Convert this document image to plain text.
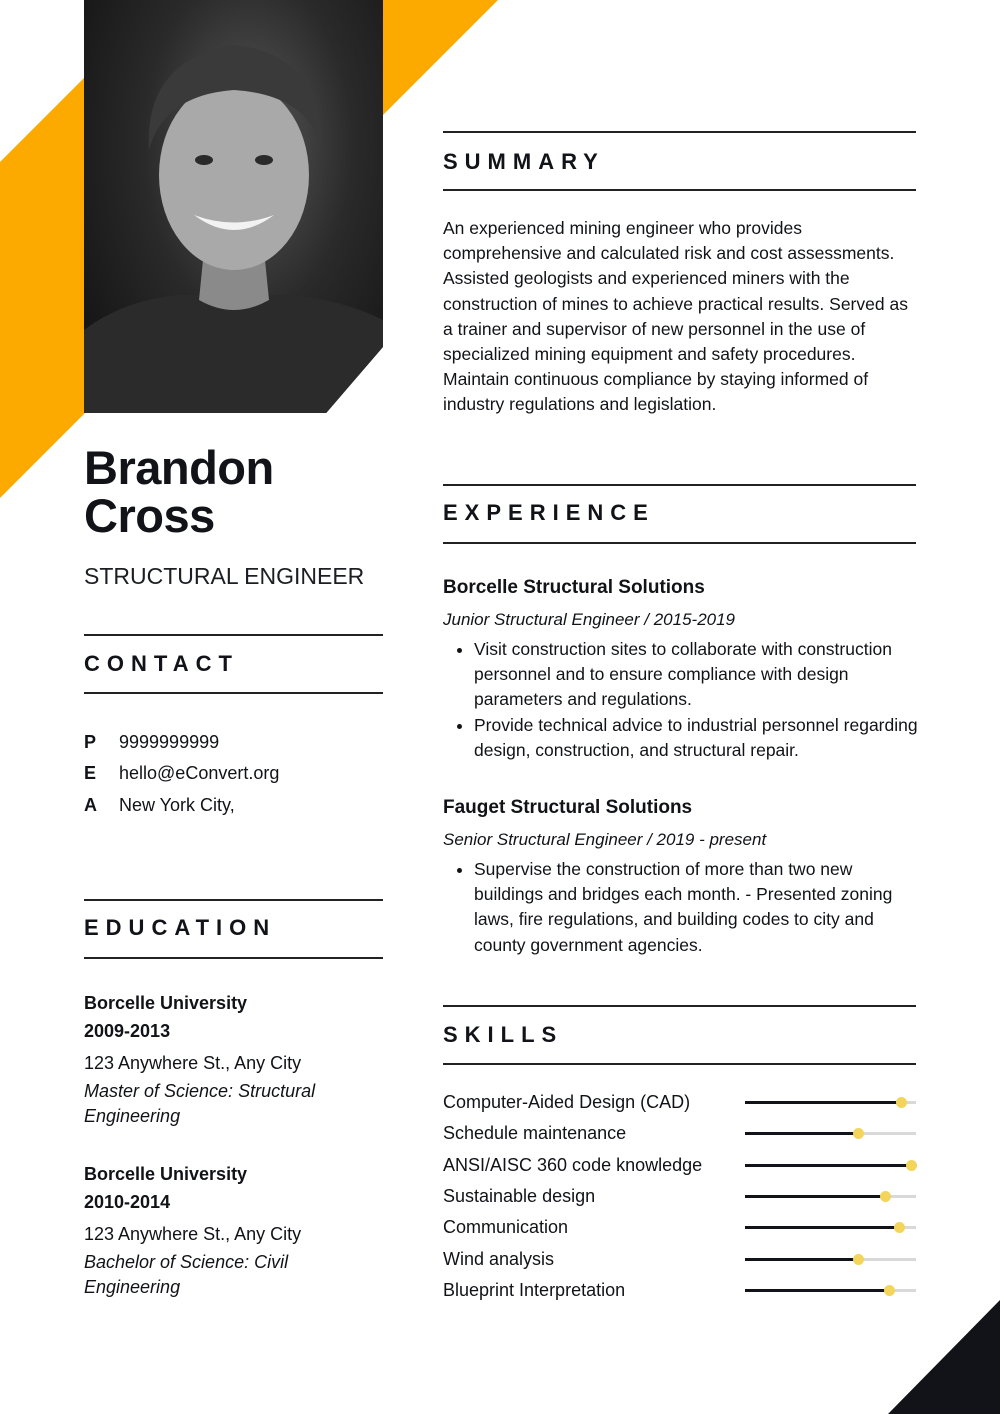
Brandon
Cross
STRUCTURAL ENGINEER
CONTACT
P	9999999999
E	hello@eConvert.org
A	New York City,
EDUCATION
Borcelle University
2009-2013
123 Anywhere St., Any City
Master of Science: Structural Engineering
Borcelle University
2010-2014
123 Anywhere St., Any City
Bachelor of Science: Civil Engineering
SUMMARY

An experienced mining engineer who provides comprehensive and calculated risk and cost assessments. Assisted geologists and experienced miners with the construction of mines to achieve practical results. Served as a trainer and supervisor of new personnel in the use of specialized mining equipment and safety procedures. Maintain continuous compliance by staying informed of industry regulations and legislation.

EXPERIENCE
Borcelle Structural Solutions
Junior Structural Engineer / 2015-2019
• Visit construction sites to collaborate with construction personnel and to ensure compliance with design parameters and regulations.
• Provide technical advice to industrial personnel regarding design, construction, and structural repair.
Fauget Structural Solutions
Senior Structural Engineer / 2019 - present
• Supervise the construction of more than two new buildings and bridges each month. - Presented zoning laws, fire regulations, and building codes to city and county government agencies.
SKILLS
Computer-Aided Design (CAD)
Schedule maintenance
ANSI/AISC 360 code knowledge
Sustainable design
Communication
Wind analysis
Blueprint Interpretation
